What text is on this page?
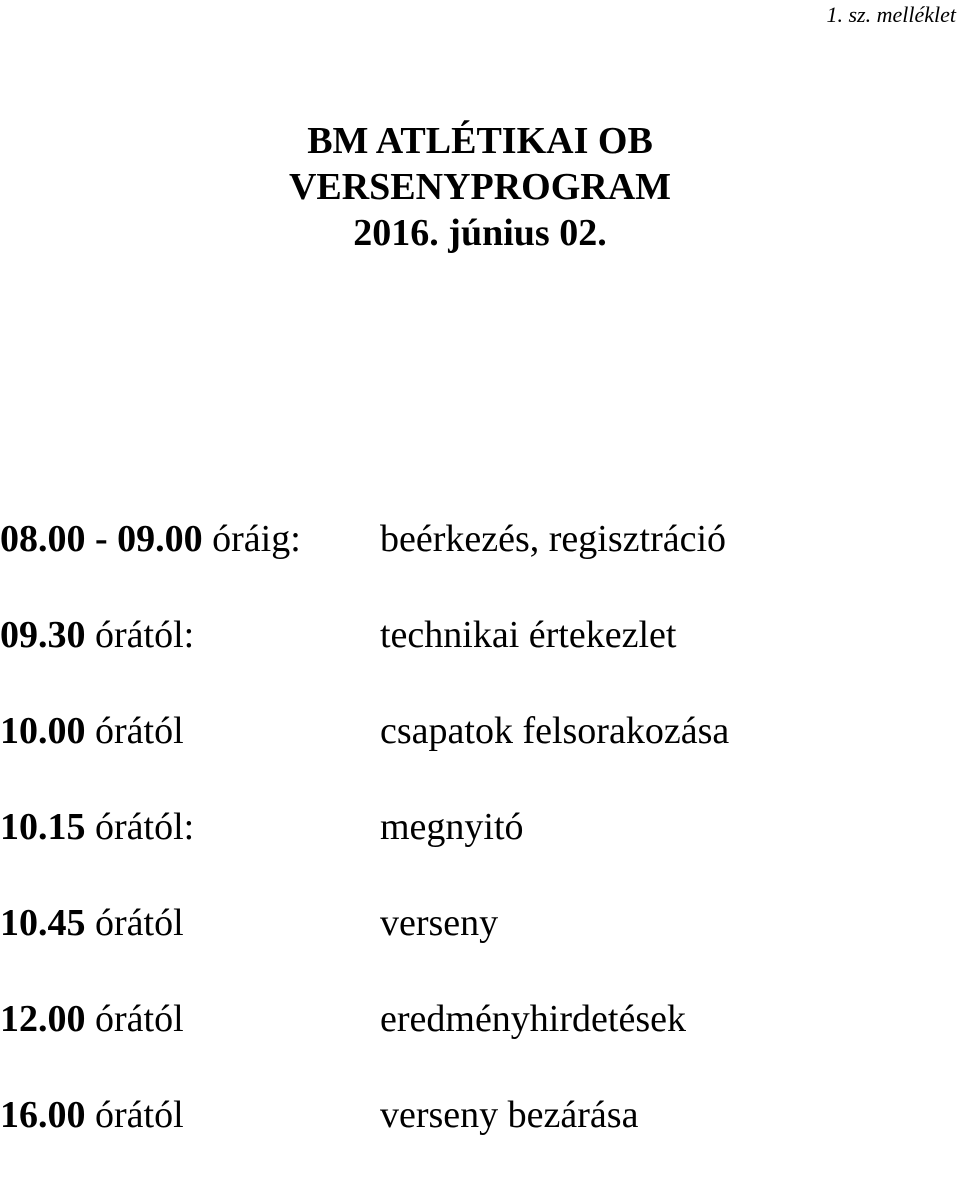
1. sz. melléklet
BM ATLÉTIKAI OB
VERSENYPROGRAM
2016. június 02.
08.00 - 09.00 óráig: beérkezés, regisztráció
09.30 órától:	technikai értekezlet
10.00 órától	csapatok felsorakozása
10.15 órától:	megnyitó
10.45 órától	verseny
12.00 órától	eredményhirdetések
16.00 órától	verseny bezárása
